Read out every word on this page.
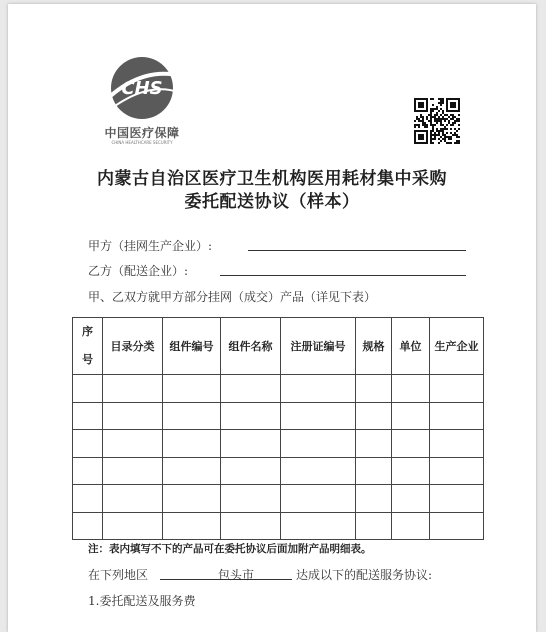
CHS
中国医疗保障
CHINA HEALTHCARE SECURITY
内蒙古自治区医疗卫生机构医用耗材集中采购
委托配送协议（样本）
甲方（挂网生产企业）:
乙方（配送企业）:
甲、乙双方就甲方部分挂网（成交）产品（详见下表）
序
号	目录分类	组件编号	组件名称	注册证编号	规格	单位	生产企业

注：表内填写不下的产品可在委托协议后面加附产品明细表。
在下列地区	包头市	达成以下的配送服务协议:
1.委托配送及服务费
